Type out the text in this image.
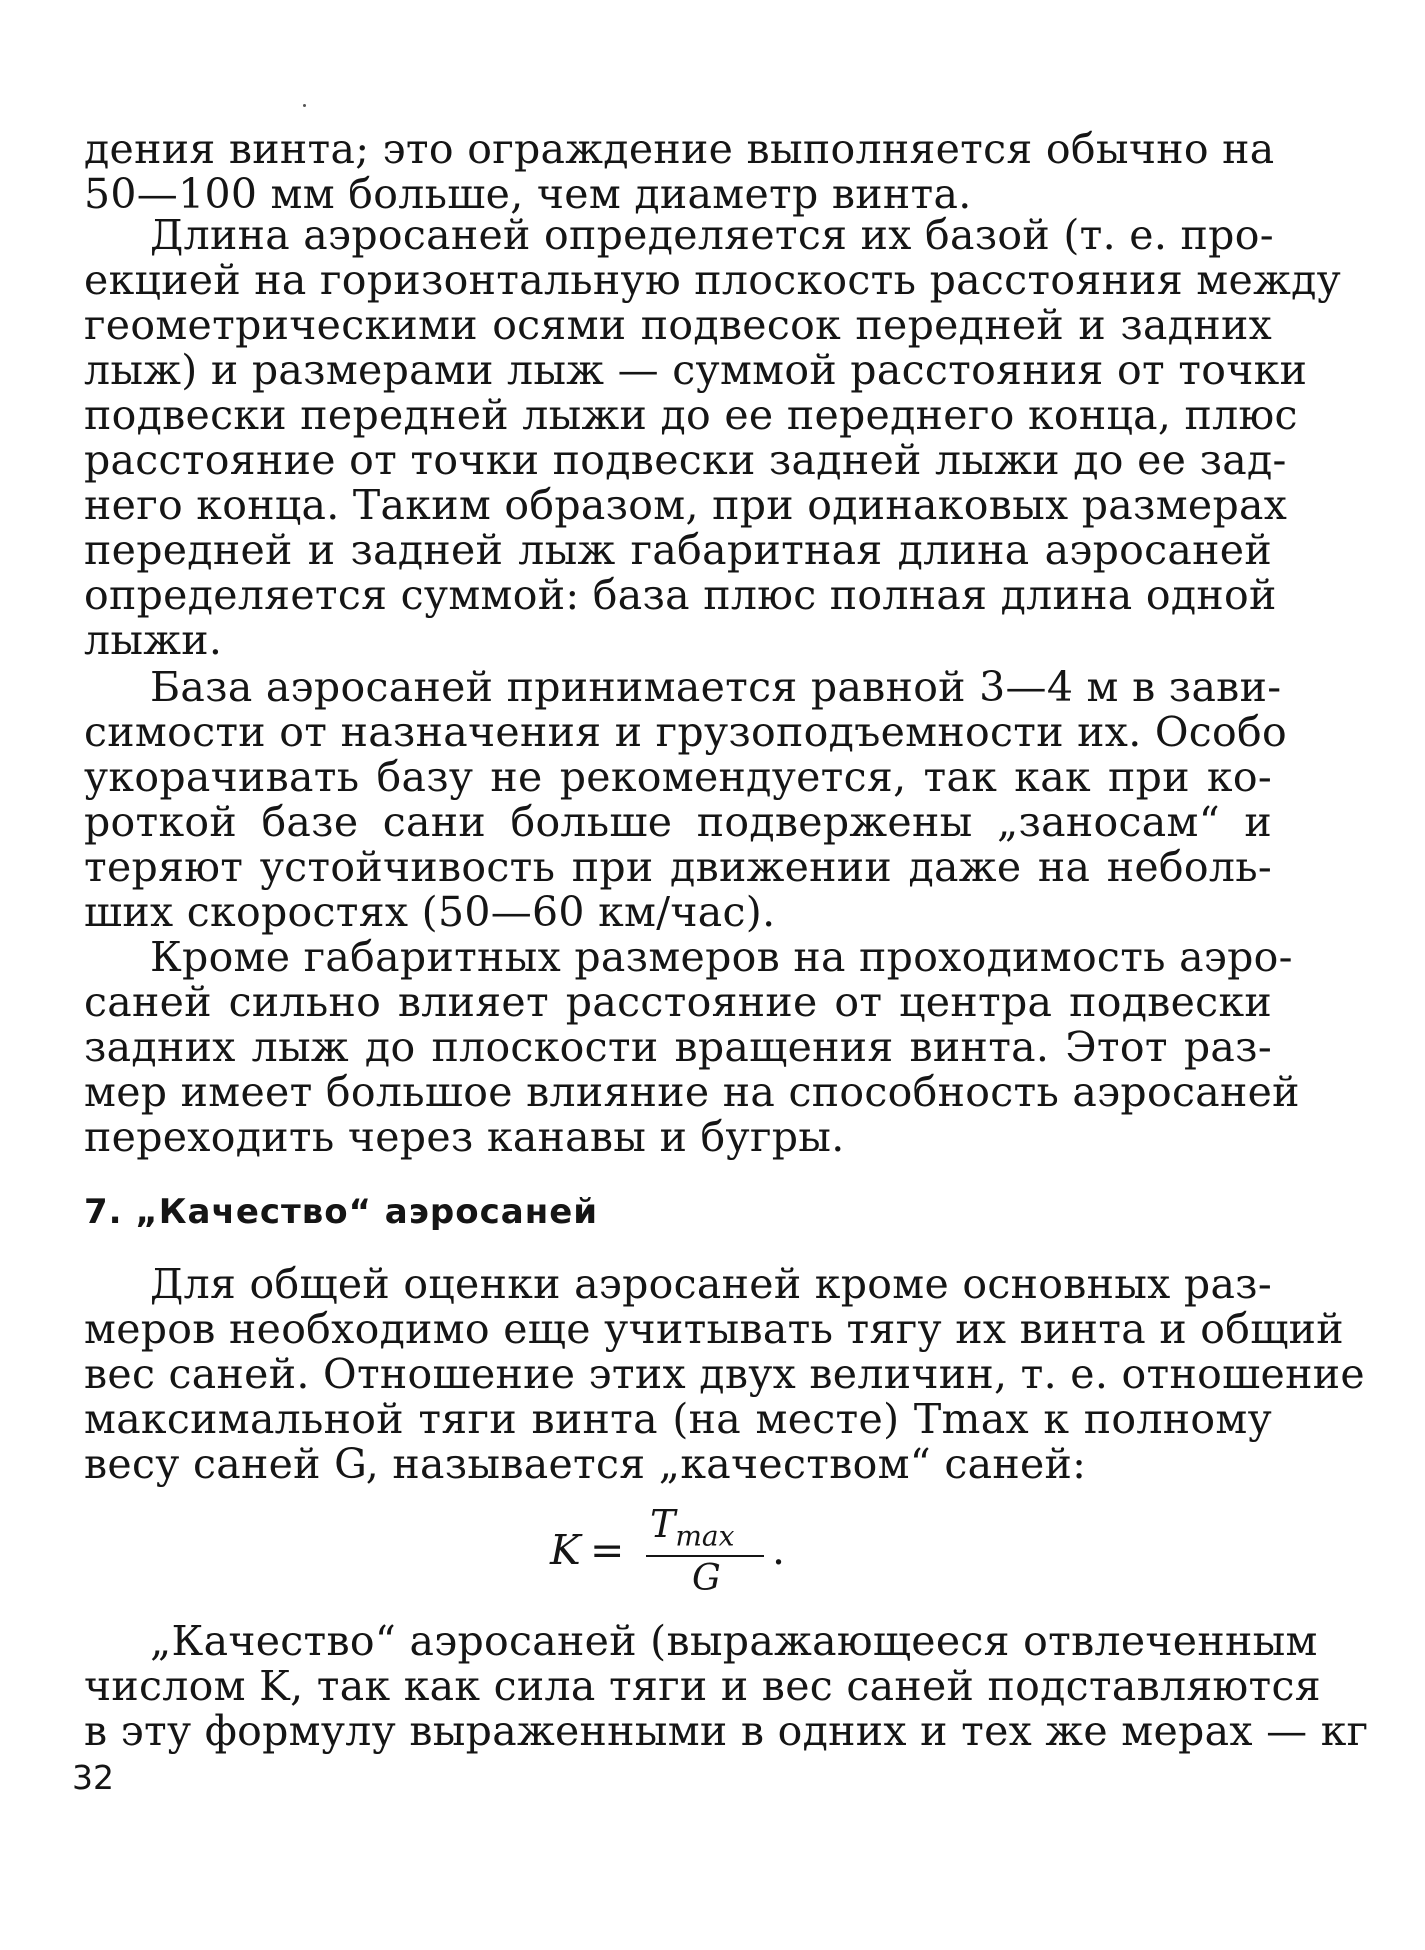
дения винта; это ограждение выполняется обычно на
50—100 мм больше, чем диаметр винта.
Длина аэросаней определяется их базой (т. е. про-
екцией на горизонтальную плоскость расстояния между
геометрическими осями подвесок передней и задних
лыж) и размерами лыж — суммой расстояния от точки
подвески передней лыжи до ее переднего конца, плюс
расстояние от точки подвески задней лыжи до ее зад-
него конца. Таким образом, при одинаковых размерах
передней и задней лыж габаритная длина аэросаней
определяется суммой: база плюс полная длина одной
лыжи.
База аэросаней принимается равной 3—4 м в зави-
симости от назначения и грузоподъемности их. Особо
укорачивать базу не рекомендуется, так как при ко-
роткой базе сани больше подвержены „заносам“ и
теряют устойчивость при движении даже на неболь-
ших скоростях (50—60 км/час).
Кроме габаритных размеров на проходимость аэро-
саней сильно влияет расстояние от центра подвески
задних лыж до плоскости вращения винта. Этот раз-
мер имеет большое влияние на способность аэросаней
переходить через канавы и бугры.
7. „Качество“ аэросаней
Для общей оценки аэросаней кроме основных раз-
меров необходимо еще учитывать тягу их винта и общий
вес саней. Отношение этих двух величин, т. е. отношение
максимальной тяги винта (на месте) Tmax к полному
весу саней G, называется „качеством“ саней:
K =
$T_{max}$
G
.
„Качество“ аэросаней (выражающееся отвлеченным
числом K, так как сила тяги и вес саней подставляются
в эту формулу выраженными в одних и тех же мерах — кг
32
